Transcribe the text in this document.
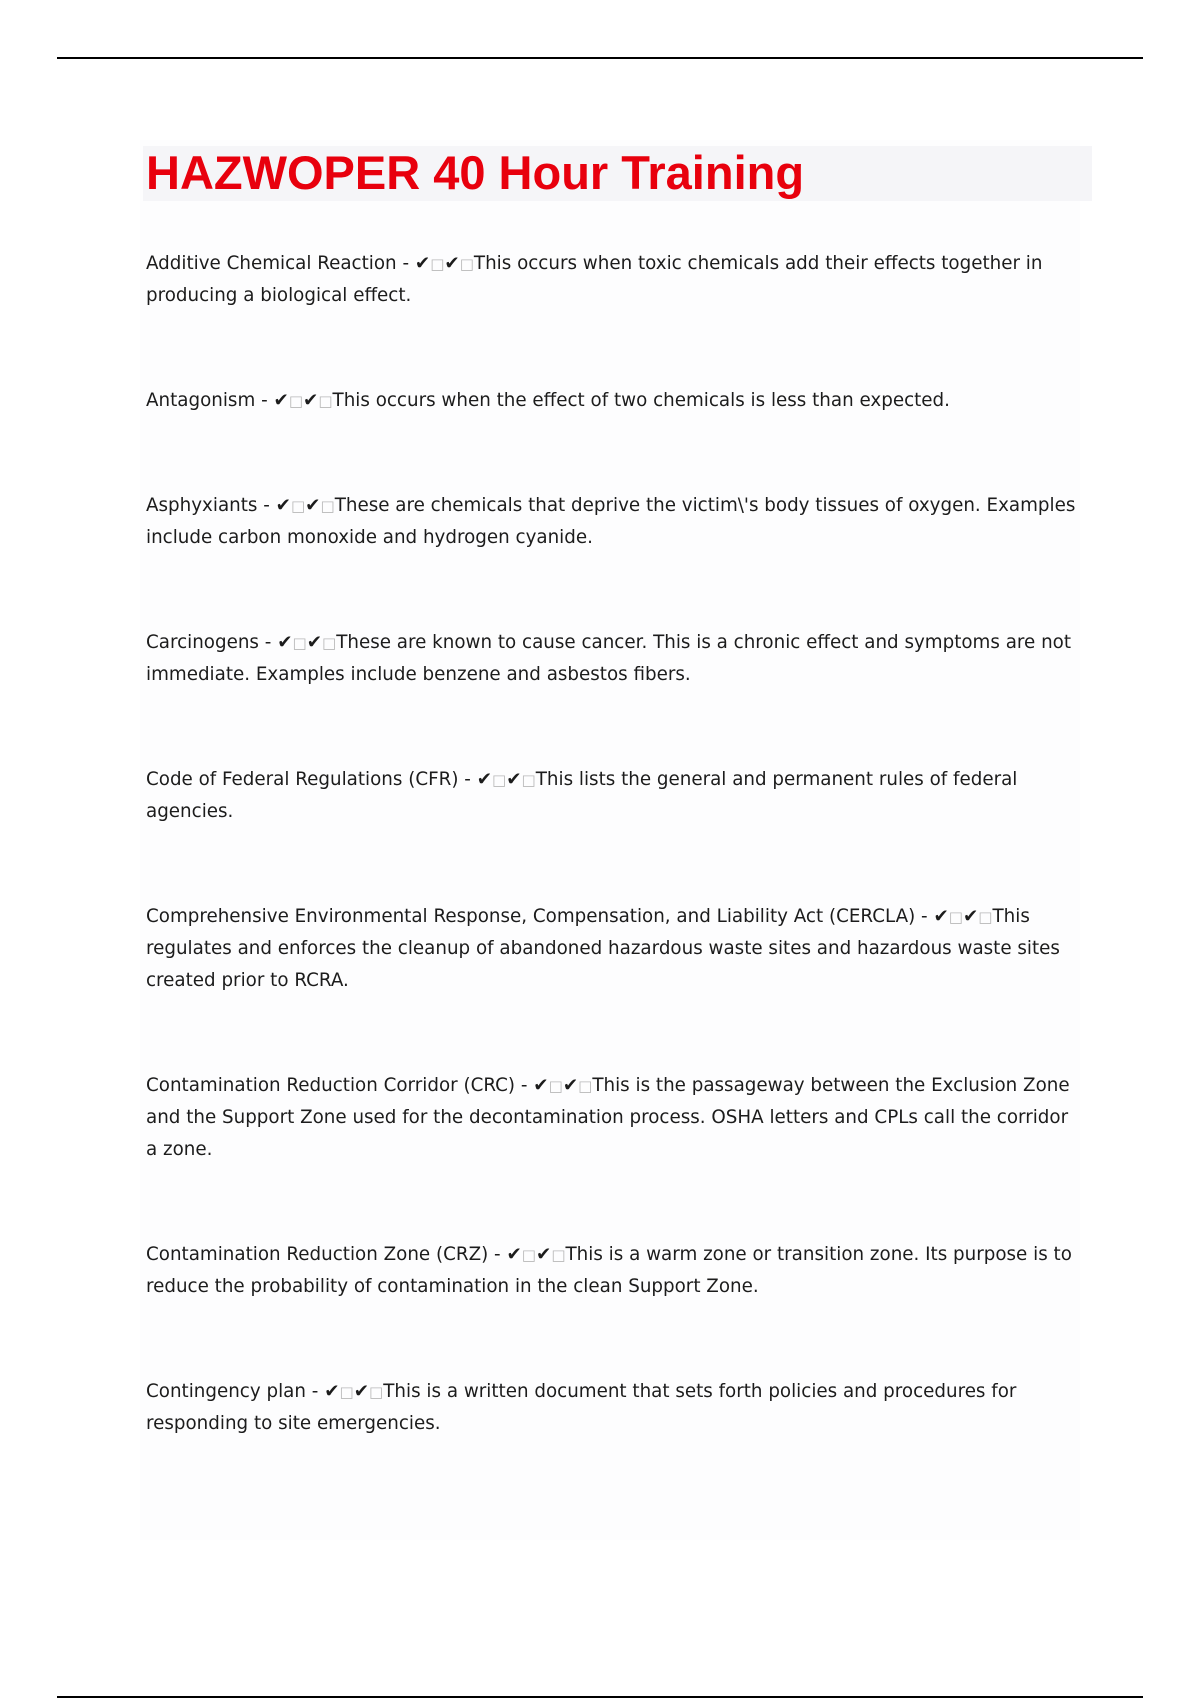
HAZWOPER 40 Hour Training

Additive Chemical Reaction - ✔□✔□This occurs when toxic chemicals add their effects together in producing a biological effect.

Antagonism - ✔□✔□This occurs when the effect of two chemicals is less than expected.

Asphyxiants - ✔□✔□These are chemicals that deprive the victim\'s body tissues of oxygen. Examples include carbon monoxide and hydrogen cyanide.

Carcinogens - ✔□✔□These are known to cause cancer. This is a chronic effect and symptoms are not immediate. Examples include benzene and asbestos fibers.

Code of Federal Regulations (CFR) - ✔□✔□This lists the general and permanent rules of federal agencies.

Comprehensive Environmental Response, Compensation, and Liability Act (CERCLA) - ✔□✔□This regulates and enforces the cleanup of abandoned hazardous waste sites and hazardous waste sites created prior to RCRA.

Contamination Reduction Corridor (CRC) - ✔□✔□This is the passageway between the Exclusion Zone and the Support Zone used for the decontamination process. OSHA letters and CPLs call the corridor a zone.

Contamination Reduction Zone (CRZ) - ✔□✔□This is a warm zone or transition zone. Its purpose is to reduce the probability of contamination in the clean Support Zone.

Contingency plan - ✔□✔□This is a written document that sets forth policies and procedures for responding to site emergencies.
